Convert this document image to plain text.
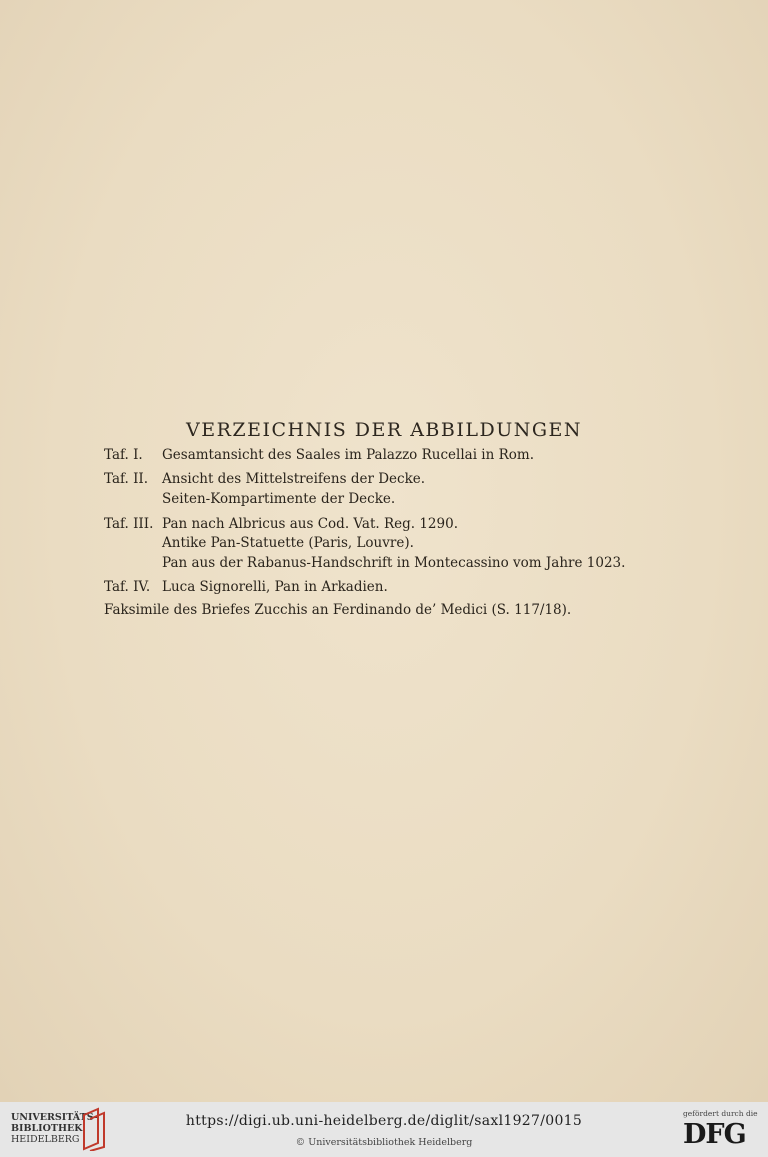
VERZEICHNIS DER ABBILDUNGEN
Taf. I. Gesamtansicht des Saales im Palazzo Rucellai in Rom.
Taf. II. Ansicht des Mittelstreifens der Decke.
Seiten-Kompartimente der Decke.
Taf. III. Pan nach Albricus aus Cod. Vat. Reg. 1290.
Antike Pan-Statuette (Paris, Louvre).
Pan aus der Rabanus-Handschrift in Montecassino vom Jahre 1023.
Taf. IV. Luca Signorelli, Pan in Arkadien.
Faksimile des Briefes Zucchis an Ferdinando de’ Medici (S. 117/18).
UNIVERSITÄTS-
BIBLIOTHEK
HEIDELBERG
https://digi.ub.uni-heidelberg.de/diglit/saxl1927/0015
© Universitätsbibliothek Heidelberg
gefördert durch die
DFG
